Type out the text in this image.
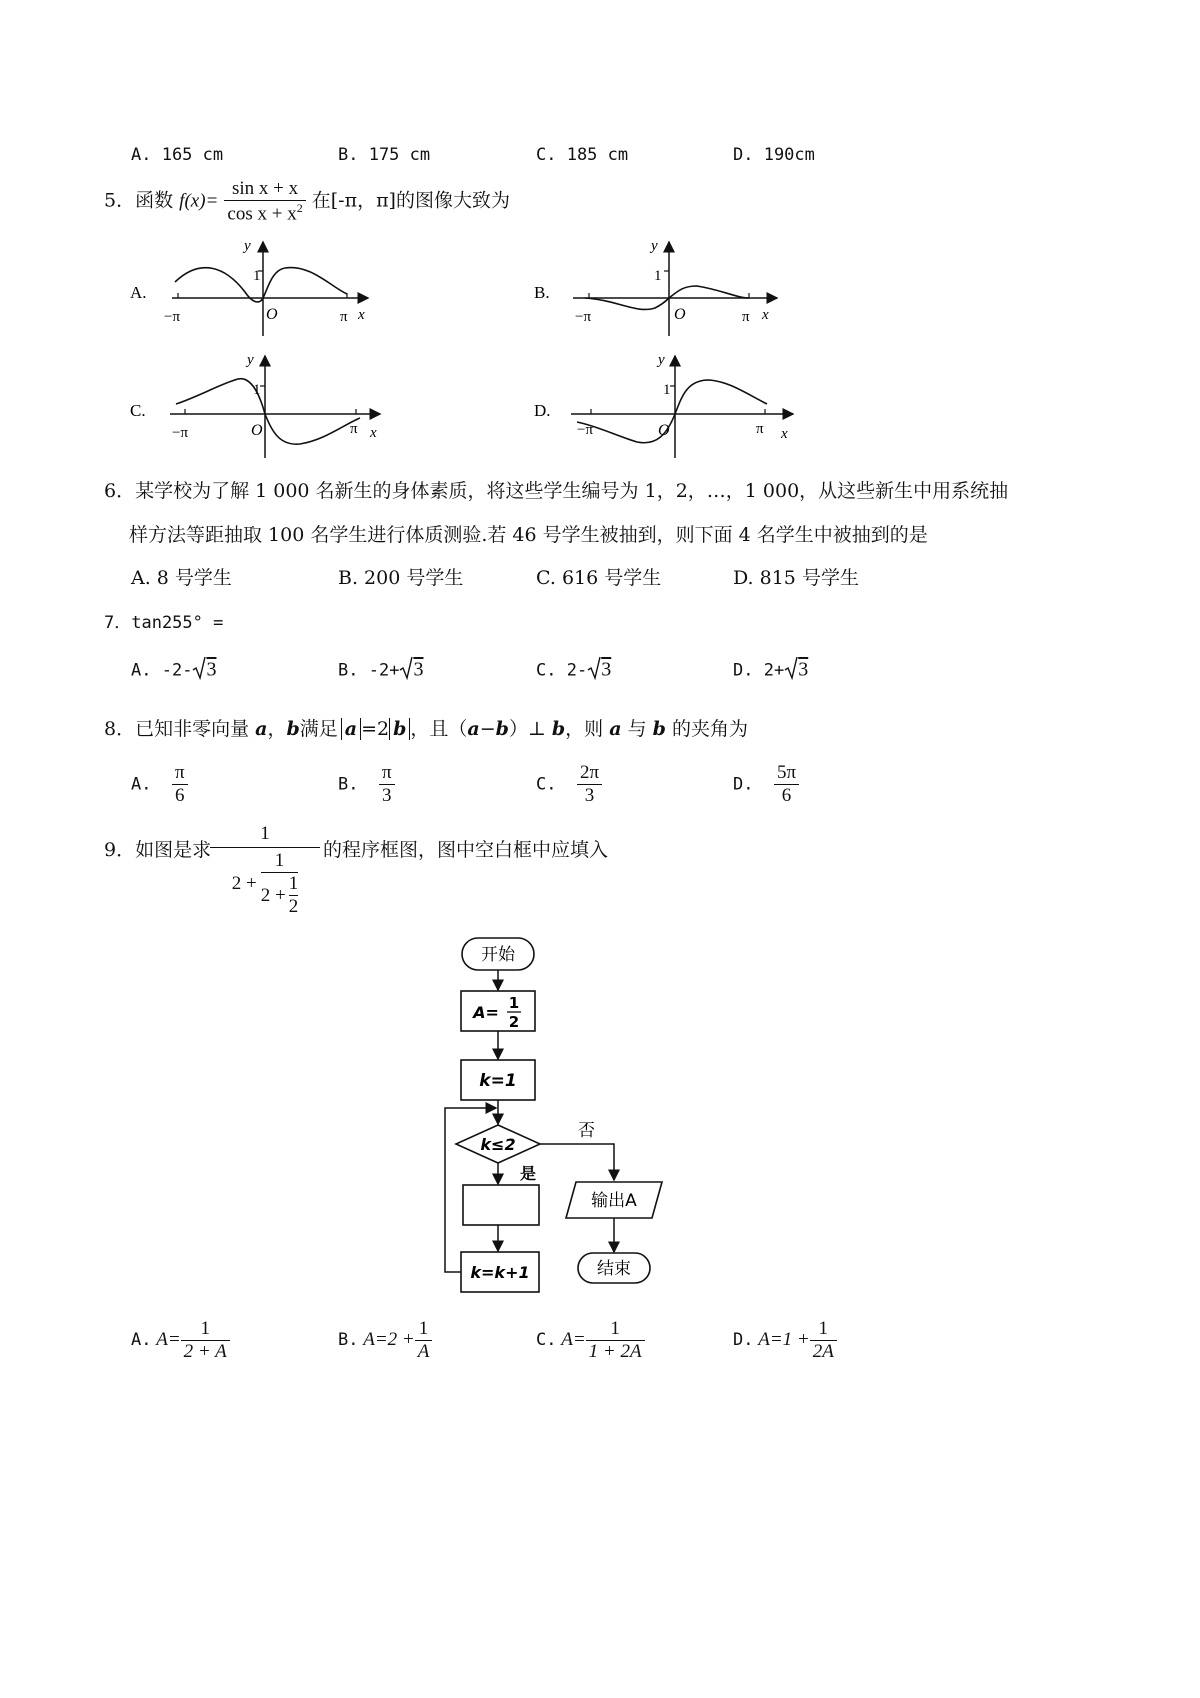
A. 165 cm	B. 175 cm	C. 185 cm	D. 190cm
5．函数 $f(x)= \frac{\text{sin x + x}}{\cos x + x^2}$ 在[-π，π]的图像大致为
A.
1
y
O
−π	π x
B.
1
y
O
−π	π x
C.
1
y
O
−π	π x
D.
1
y
O
−π	π x
6．某学校为了解 1 000 名新生的身体素质，将这些学生编号为 1，2，…，1 000，从这些新生中用系统抽
样方法等距抽取 100 名学生进行体质测验.若 46 号学生被抽到，则下面 4 名学生中被抽到的是
A. 8 号学生	B. 200 号学生	C. 616 号学生	D. 815 号学生
7．tan255° =
A. -2- 3	B. -2+ 3	C. 2- 3	D. 2+ 3
8．已知非零向量 a，b满足 a =2 b ，且（a−b）⊥ b，则 a 与 b 的夹角为
A. $\frac{\pi}{6}$	B. $\frac{\pi}{3}$	C. $\frac{2\pi}{3}$	D. $\frac{5\pi}{6}$
9．如图是求
1
$2 + \frac{1}{2 + \frac{1}{2}}$ 的程序框图，图中空白框中应填入
开始
A= 1
2
k=1
k≤2
否
是
k=k+1
输出A
结束
A. $A= \frac{1}{2 + A}$	B. $A=2 + \frac{1}{A}$	C. $A= \frac{1}{1 + 2A}$	D. $A=1 + \frac{1}{2A}$
